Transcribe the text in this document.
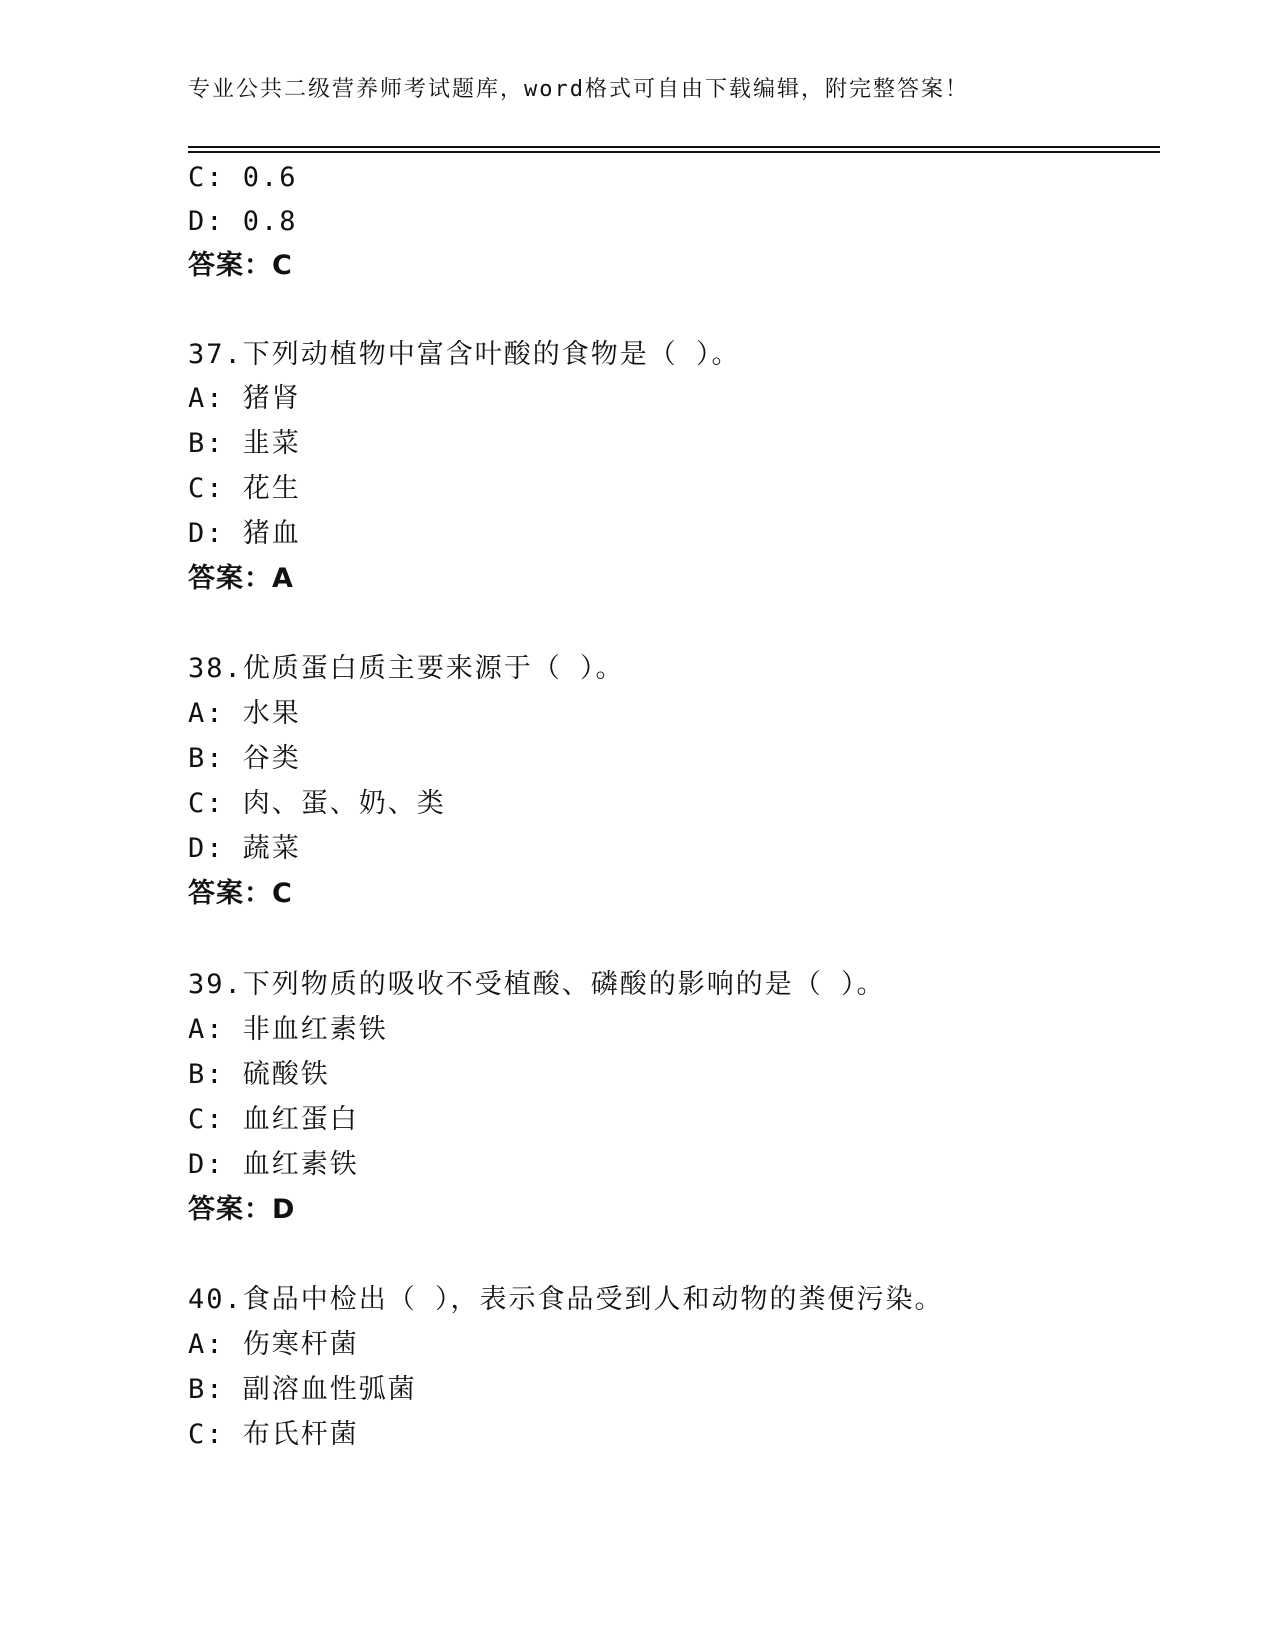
专业公共二级营养师考试题库，word格式可自由下载编辑，附完整答案！
C: 0.6
D: 0.8
答案：C
37.下列动植物中富含叶酸的食物是（ ）。
A: 猪肾
B: 韭菜
C: 花生
D: 猪血
答案：A
38.优质蛋白质主要来源于（ ）。
A: 水果
B: 谷类
C: 肉、蛋、奶、类
D: 蔬菜
答案：C
39.下列物质的吸收不受植酸、磷酸的影响的是（ ）。
A: 非血红素铁
B: 硫酸铁
C: 血红蛋白
D: 血红素铁
答案：D
40.食品中检出（ ），表示食品受到人和动物的粪便污染。
A: 伤寒杆菌
B: 副溶血性弧菌
C: 布氏杆菌
